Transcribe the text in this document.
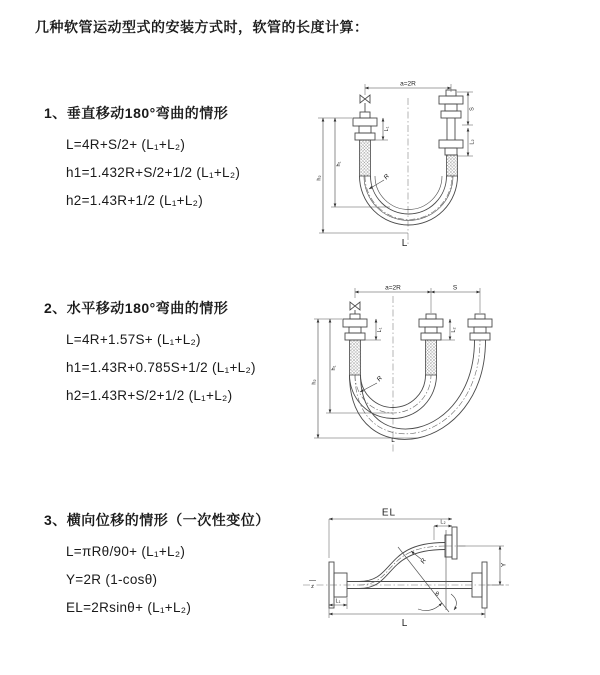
几种软管运动型式的安装方式时，软管的长度计算：
1、垂直移动180°弯曲的情形

L=4R+S/2+ (L₁+L₂)

h1=1.432R+S/2+1/2 (L₁+L₂)

h2=1.43R+1/2 (L₁+L₂)

a=2R
h₁
h₂
L₁
S
L₂
R
L
2、水平移动180°弯曲的情形

L=4R+1.57S+ (L₁+L₂)

h1=1.43R+0.785S+1/2 (L₁+L₂)

h2=1.43R+S/2+1/2 (L₁+L₂)

a=2R	S
h₁
h₂
L₁	L₂
R
L
3、横向位移的情形（一次性变位）

L=πRθ/90+ (L₁+L₂)

Y=2R (1-cosθ)

EL=2Rsinθ+ (L₁+L₂)

z
EL
L₂
Y
θ
R
L₁
L
